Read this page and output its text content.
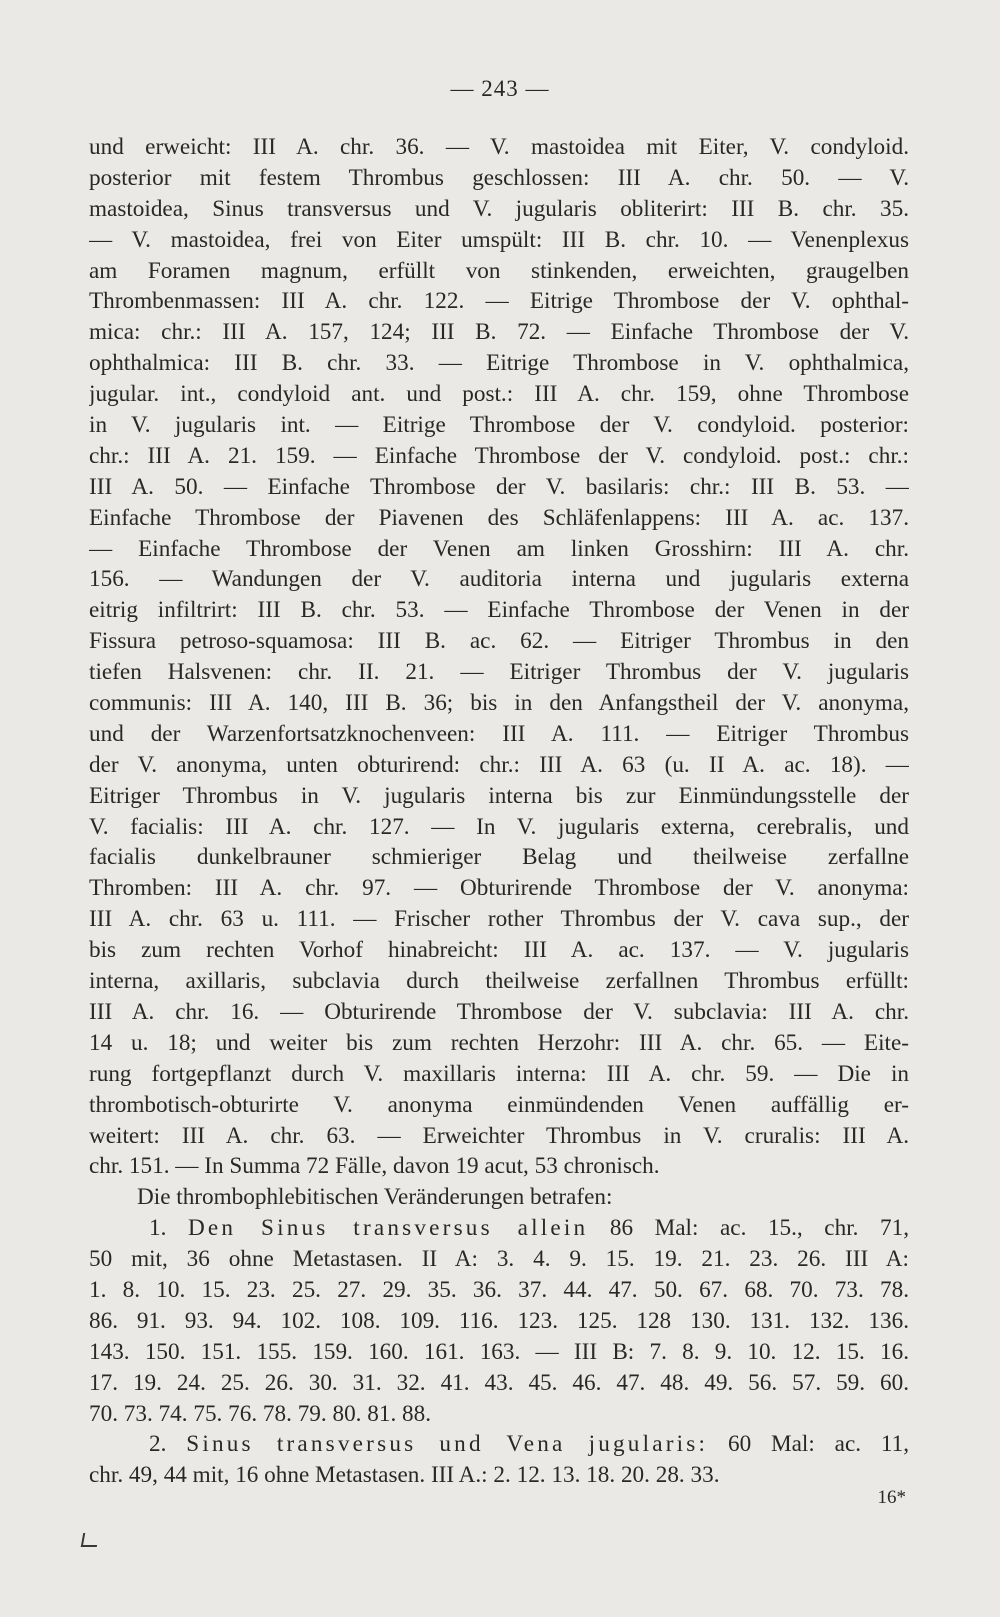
— 243 —
und erweicht: III A. chr. 36. — V. mastoidea mit Eiter, V. condyloid.
posterior mit festem Thrombus geschlossen: III A. chr. 50. — V.
mastoidea, Sinus transversus und V. jugularis obliterirt: III B. chr. 35.
— V. mastoidea, frei von Eiter umspült: III B. chr. 10. — Venenplexus
am Foramen magnum, erfüllt von stinkenden, erweichten, graugelben
Thrombenmassen: III A. chr. 122. — Eitrige Thrombose der V. ophthal-
mica: chr.: III A. 157, 124; III B. 72. — Einfache Thrombose der V.
ophthalmica: III B. chr. 33. — Eitrige Thrombose in V. ophthalmica,
jugular. int., condyloid ant. und post.: III A. chr. 159, ohne Thrombose
in V. jugularis int. — Eitrige Thrombose der V. condyloid. posterior:
chr.: III A. 21. 159. — Einfache Thrombose der V. condyloid. post.: chr.:
III A. 50. — Einfache Thrombose der V. basilaris: chr.: III B. 53. —
Einfache Thrombose der Piavenen des Schläfenlappens: III A. ac. 137.
— Einfache Thrombose der Venen am linken Grosshirn: III A. chr.
156. — Wandungen der V. auditoria interna und jugularis externa
eitrig infiltrirt: III B. chr. 53. — Einfache Thrombose der Venen in der
Fissura petroso-squamosa: III B. ac. 62. — Eitriger Thrombus in den
tiefen Halsvenen: chr. II. 21. — Eitriger Thrombus der V. jugularis
communis: III A. 140, III B. 36; bis in den Anfangstheil der V. anonyma,
und der Warzenfortsatzknochenveen: III A. 111. — Eitriger Thrombus
der V. anonyma, unten obturirend: chr.: III A. 63 (u. II A. ac. 18). —
Eitriger Thrombus in V. jugularis interna bis zur Einmündungsstelle der
V. facialis: III A. chr. 127. — In V. jugularis externa, cerebralis, und
facialis dunkelbrauner schmieriger Belag und theilweise zerfallne
Thromben: III A. chr. 97. — Obturirende Thrombose der V. anonyma:
III A. chr. 63 u. 111. — Frischer rother Thrombus der V. cava sup., der
bis zum rechten Vorhof hinabreicht: III A. ac. 137. — V. jugularis
interna, axillaris, subclavia durch theilweise zerfallnen Thrombus erfüllt:
III A. chr. 16. — Obturirende Thrombose der V. subclavia: III A. chr.
14 u. 18; und weiter bis zum rechten Herzohr: III A. chr. 65. — Eite-
rung fortgepflanzt durch V. maxillaris interna: III A. chr. 59. — Die in
thrombotisch-obturirte V. anonyma einmündenden Venen auffällig er-
weitert: III A. chr. 63. — Erweichter Thrombus in V. cruralis: III A.
chr. 151. — In Summa 72 Fälle, davon 19 acut, 53 chronisch.
Die thrombophlebitischen Veränderungen betrafen:
1. Den Sinus transversus allein 86 Mal: ac. 15., chr. 71,
50 mit, 36 ohne Metastasen. II A: 3. 4. 9. 15. 19. 21. 23. 26. III A:
1. 8. 10. 15. 23. 25. 27. 29. 35. 36. 37. 44. 47. 50. 67. 68. 70. 73. 78.
86. 91. 93. 94. 102. 108. 109. 116. 123. 125. 128 130. 131. 132. 136.
143. 150. 151. 155. 159. 160. 161. 163. — III B: 7. 8. 9. 10. 12. 15. 16.
17. 19. 24. 25. 26. 30. 31. 32. 41. 43. 45. 46. 47. 48. 49. 56. 57. 59. 60.
70. 73. 74. 75. 76. 78. 79. 80. 81. 88.
2. Sinus transversus und Vena jugularis: 60 Mal: ac. 11,
chr. 49, 44 mit, 16 ohne Metastasen. III A.: 2. 12. 13. 18. 20. 28. 33.
16*
